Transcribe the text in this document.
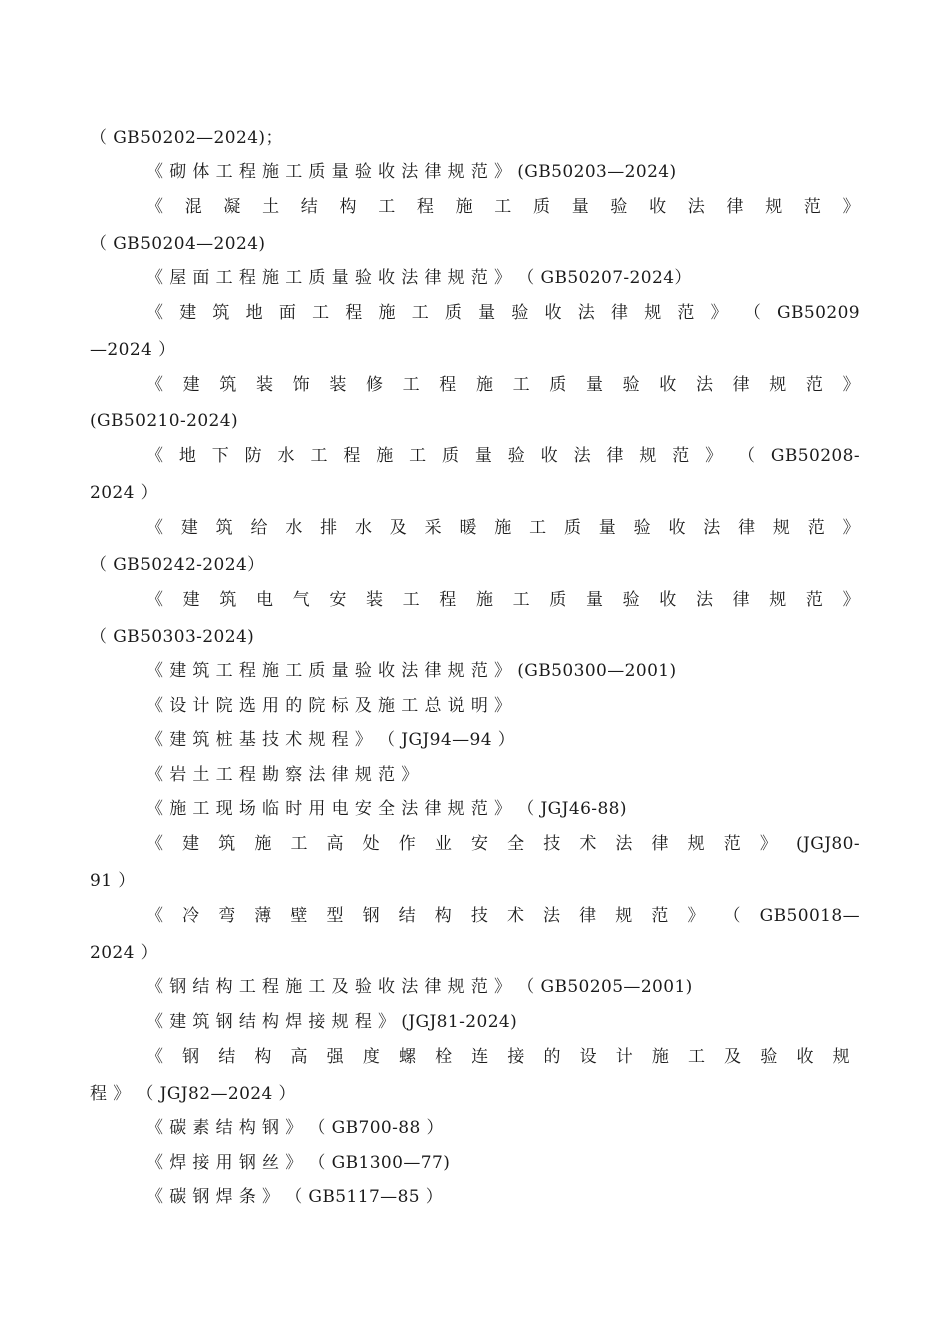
（ GB50202—2024)；
《 砌 体 工 程 施 工 质 量 验 收 法 律 规 范 》 (GB50203—2024)
《 混 凝 土 结 构 工 程 施 工 质 量 验 收 法 律 规 范 》
（ GB50204—2024)
《 屋 面 工 程 施 工 质 量 验 收 法 律 规 范 》 （ GB50207-2024）
《 建 筑 地 面 工 程 施 工 质 量 验 收 法 律 规 范 》 （ GB50209
—2024 ）
《 建 筑 装 饰 装 修 工 程 施 工 质 量 验 收 法 律 规 范 》
(GB50210-2024)
《 地 下 防 水 工 程 施 工 质 量 验 收 法 律 规 范 》 （ GB50208-
2024 ）
《 建 筑 给 水 排 水 及 采 暖 施 工 质 量 验 收 法 律 规 范 》
（ GB50242-2024）
《 建 筑 电 气 安 装 工 程 施 工 质 量 验 收 法 律 规 范 》
（ GB50303-2024)
《 建 筑 工 程 施 工 质 量 验 收 法 律 规 范 》 (GB50300—2001)
《 设 计 院 选 用 的 院 标 及 施 工 总 说 明 》
《 建 筑 桩 基 技 术 规 程 》 （ JGJ94—94 ）
《 岩 土 工 程 勘 察 法 律 规 范 》
《 施 工 现 场 临 时 用 电 安 全 法 律 规 范 》 （ JGJ46-88)
《 建 筑 施 工 高 处 作 业 安 全 技 术 法 律 规 范 》 (JGJ80-
91 ）
《 冷 弯 薄 壁 型 钢 结 构 技 术 法 律 规 范 》 （ GB50018—
2024 ）
《 钢 结 构 工 程 施 工 及 验 收 法 律 规 范 》 （ GB50205—2001)
《 建 筑 钢 结 构 焊 接 规 程 》 (JGJ81-2024)
《 钢 结 构 高 强 度 螺 栓 连 接 的 设 计 施 工 及 验 收 规
程 》 （ JGJ82—2024 ）
《 碳 素 结 构 钢 》 （ GB700-88 ）
《 焊 接 用 钢 丝 》 （ GB1300—77)
《 碳 钢 焊 条 》 （ GB5117—85 ）
